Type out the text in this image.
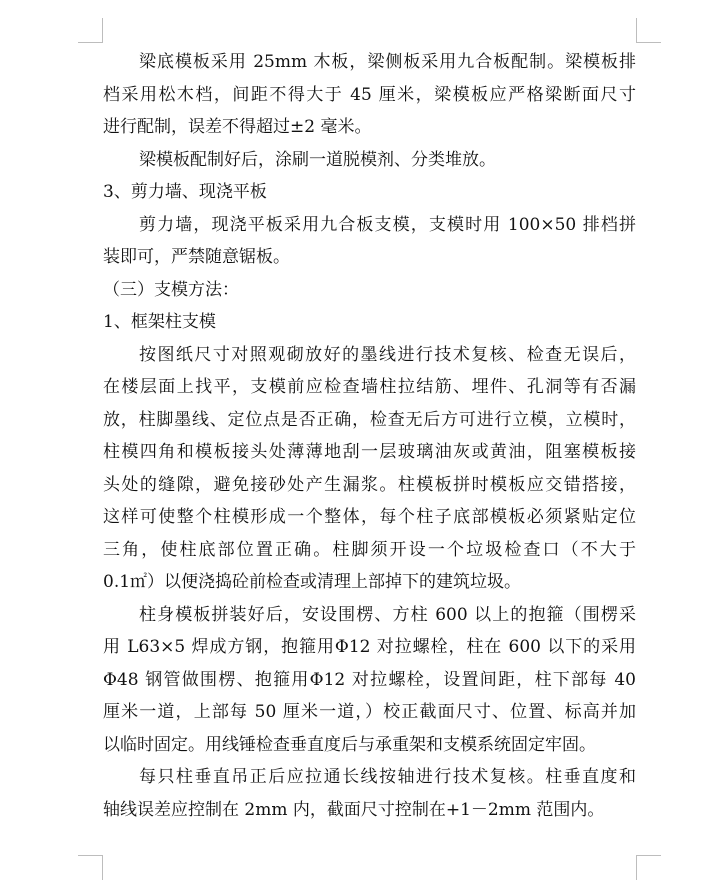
梁底模板采用 25mm 木板，梁侧板采用九合板配制。梁模板排
档采用松木档，间距不得大于 45 厘米，梁模板应严格梁断面尺寸
进行配制，误差不得超过±2 毫米。
梁模板配制好后，涂刷一道脱模剂、分类堆放。
3、剪力墙、现浇平板
剪力墙，现浇平板采用九合板支模，支模时用 100×50 排档拼
装即可，严禁随意锯板。
（三）支模方法：
1、框架柱支模
按图纸尺寸对照观砌放好的墨线进行技术复核、检查无误后，
在楼层面上找平，支模前应检查墙柱拉结筋、埋件、孔洞等有否漏
放，柱脚墨线、定位点是否正确，检查无后方可进行立模，立模时，
柱模四角和模板接头处薄薄地刮一层玻璃油灰或黄油，阻塞模板接
头处的缝隙，避免接砂处产生漏浆。柱模板拼时模板应交错搭接，
这样可使整个柱模形成一个整体，每个柱子底部模板必须紧贴定位
三角，使柱底部位置正确。柱脚须开设一个垃圾检查口（不大于
0.1㎡）以便浇捣砼前检查或清理上部掉下的建筑垃圾。
柱身模板拼装好后，安设围楞、方柱 600 以上的抱箍（围楞采
用 L63×5 焊成方钢，抱箍用Φ12 对拉螺栓，柱在 600 以下的采用
Φ48 钢管做围楞、抱箍用Φ12 对拉螺栓，设置间距，柱下部每 40
厘米一道，上部每 50 厘米一道，）校正截面尺寸、位置、标高并加
以临时固定。用线锤检查垂直度后与承重架和支模系统固定牢固。
每只柱垂直吊正后应拉通长线按轴进行技术复核。柱垂直度和
轴线误差应控制在 2mm 内，截面尺寸控制在+1－2mm 范围内。
